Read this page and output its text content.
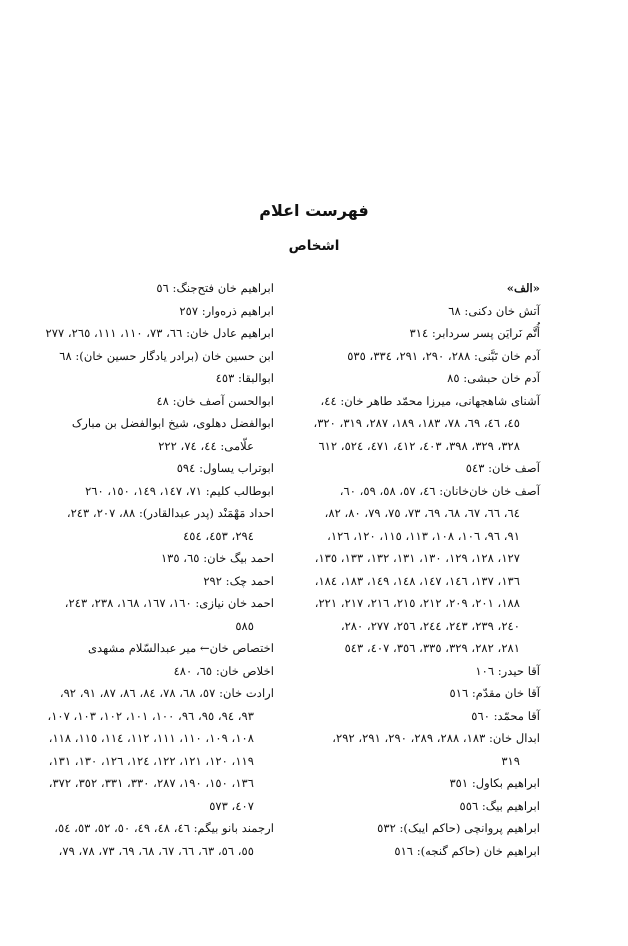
فهرست اعلام
اشخاص
«الف»
آتش خان دکنی: ٦٨
أُتَّم نَرایَن پسر سردابر: ٣١٤
آدم خان تَبَّنی: ٢٨٨، ٢٩٠، ٢٩١، ٣٣٤، ٥٣٥
آدم خان حبشی: ٨٥
آشنای شاهجهانی، میرزا محمّد طاهر خان: ٤٤،
٤٥، ٤٦، ٦٩، ٧٨، ١٨٣، ١٨٩، ٢٨٧، ٣١٩، ٣٢٠،
٣٢٨، ٣٢٩، ٣٩٨، ٤٠٣، ٤١٢، ٤٧١، ٥٢٤، ٦١٢
آصف خان: ٥٤٣
آصف خان خان‌خانان: ٤٦، ٥٧، ٥٨، ٥٩، ٦٠،
٦٤، ٦٦، ٦٧، ٦٨، ٦٩، ٧٣، ٧٥، ٧٩، ٨٠، ٨٢،
٩١، ٩٦، ١٠٦، ١٠٨، ١١٣، ١١٥، ١٢٠، ١٢٦،
١٢٧، ١٢٨، ١٢٩، ١٣٠، ١٣١، ١٣٢، ١٣٣، ١٣٥،
١٣٦، ١٣٧، ١٤٦، ١٤٧، ١٤٨، ١٤٩، ١٨٣، ١٨٤،
١٨٨، ٢٠١، ٢٠٩، ٢١٢، ٢١٥، ٢١٦، ٢١٧، ٢٢١،
٢٤٠، ٢٣٩، ٢٤٣، ٢٤٤، ٢٥٦، ٢٧٧، ٢٨٠،
٢٨١، ٢٨٢، ٣٢٩، ٣٣٥، ٣٥٦، ٤٠٧، ٥٤٣
آقا حیدر: ١٠٦
آقا خان مقدّم: ٥١٦
آقا محمّد: ٥٦٠
ابدال خان: ١٨٣، ٢٨٨، ٢٨٩، ٢٩٠، ٢٩١، ٢٩٢،
٣١٩
ابراهیم بکاول: ٣٥١
ابراهیم بیگ: ٥٥٦
ابراهیم پروانچی (حاکم ایبک): ٥٣٢
ابراهیم خان (حاکم گنجه): ٥١٦
ابراهیم خان فتح‌جنگ: ٥٦
ابراهیم ذره‌وار: ٢٥٧
ابراهیم عادل خان: ٦٦، ٧٣، ١١٠، ١١١، ٢٦٥، ٢٧٧
ابن حسین خان (برادر یادگار حسین خان): ٦٨
ابوالبقا: ٤٥٣
ابوالحسن آصف خان: ٤٨
ابوالفضل دهلوی، شیخ ابوالفضل بن مبارک
علّامی: ٤٤، ٧٤، ٢٢٢
ابوتراب یساول: ٥٩٤
ابوطالب کلیم: ٧١، ١٤٧، ١٤٩، ١٥٠، ٢٦٠
احداد مَهْمَنْد (پدر عبدالقادر): ٨٨، ٢٠٧، ٢٤٣،
٢٩٤، ٤٥٣، ٤٥٤
احمد بیگ خان: ٦٥، ١٣٥
احمد چک: ٢٩٢
احمد خان نیازی: ١٦٠، ١٦٧، ١٦٨، ٢٣٨، ٢٤٣،
٥٨٥
اختصاص خان← میر عبدالسّلام مشهدی
اخلاص خان: ٦٥، ٤٨٠
ارادت خان: ٥٧، ٦٨، ٧٨، ٨٤، ٨٦، ٨٧، ٩١، ٩٢،
٩٣، ٩٤، ٩٥، ٩٦، ١٠٠، ١٠١، ١٠٢، ١٠٣، ١٠٧،
١٠٨، ١٠٩، ١١٠، ١١١، ١١٢، ١١٤، ١١٥، ١١٨،
١١٩، ١٢٠، ١٢١، ١٢٢، ١٢٤، ١٢٦، ١٣٠، ١٣١،
١٣٦، ١٥٠، ١٩٠، ٢٨٧، ٣٣٠، ٣٣١، ٣٥٢، ٣٧٢،
٤٠٧، ٥٧٣
ارجمند بانو بیگم: ٤٦، ٤٨، ٤٩، ٥٠، ٥٢، ٥٣، ٥٤،
٥٥، ٥٦، ٦٣، ٦٦، ٦٧، ٦٨، ٦٩، ٧٣، ٧٨، ٧٩،
